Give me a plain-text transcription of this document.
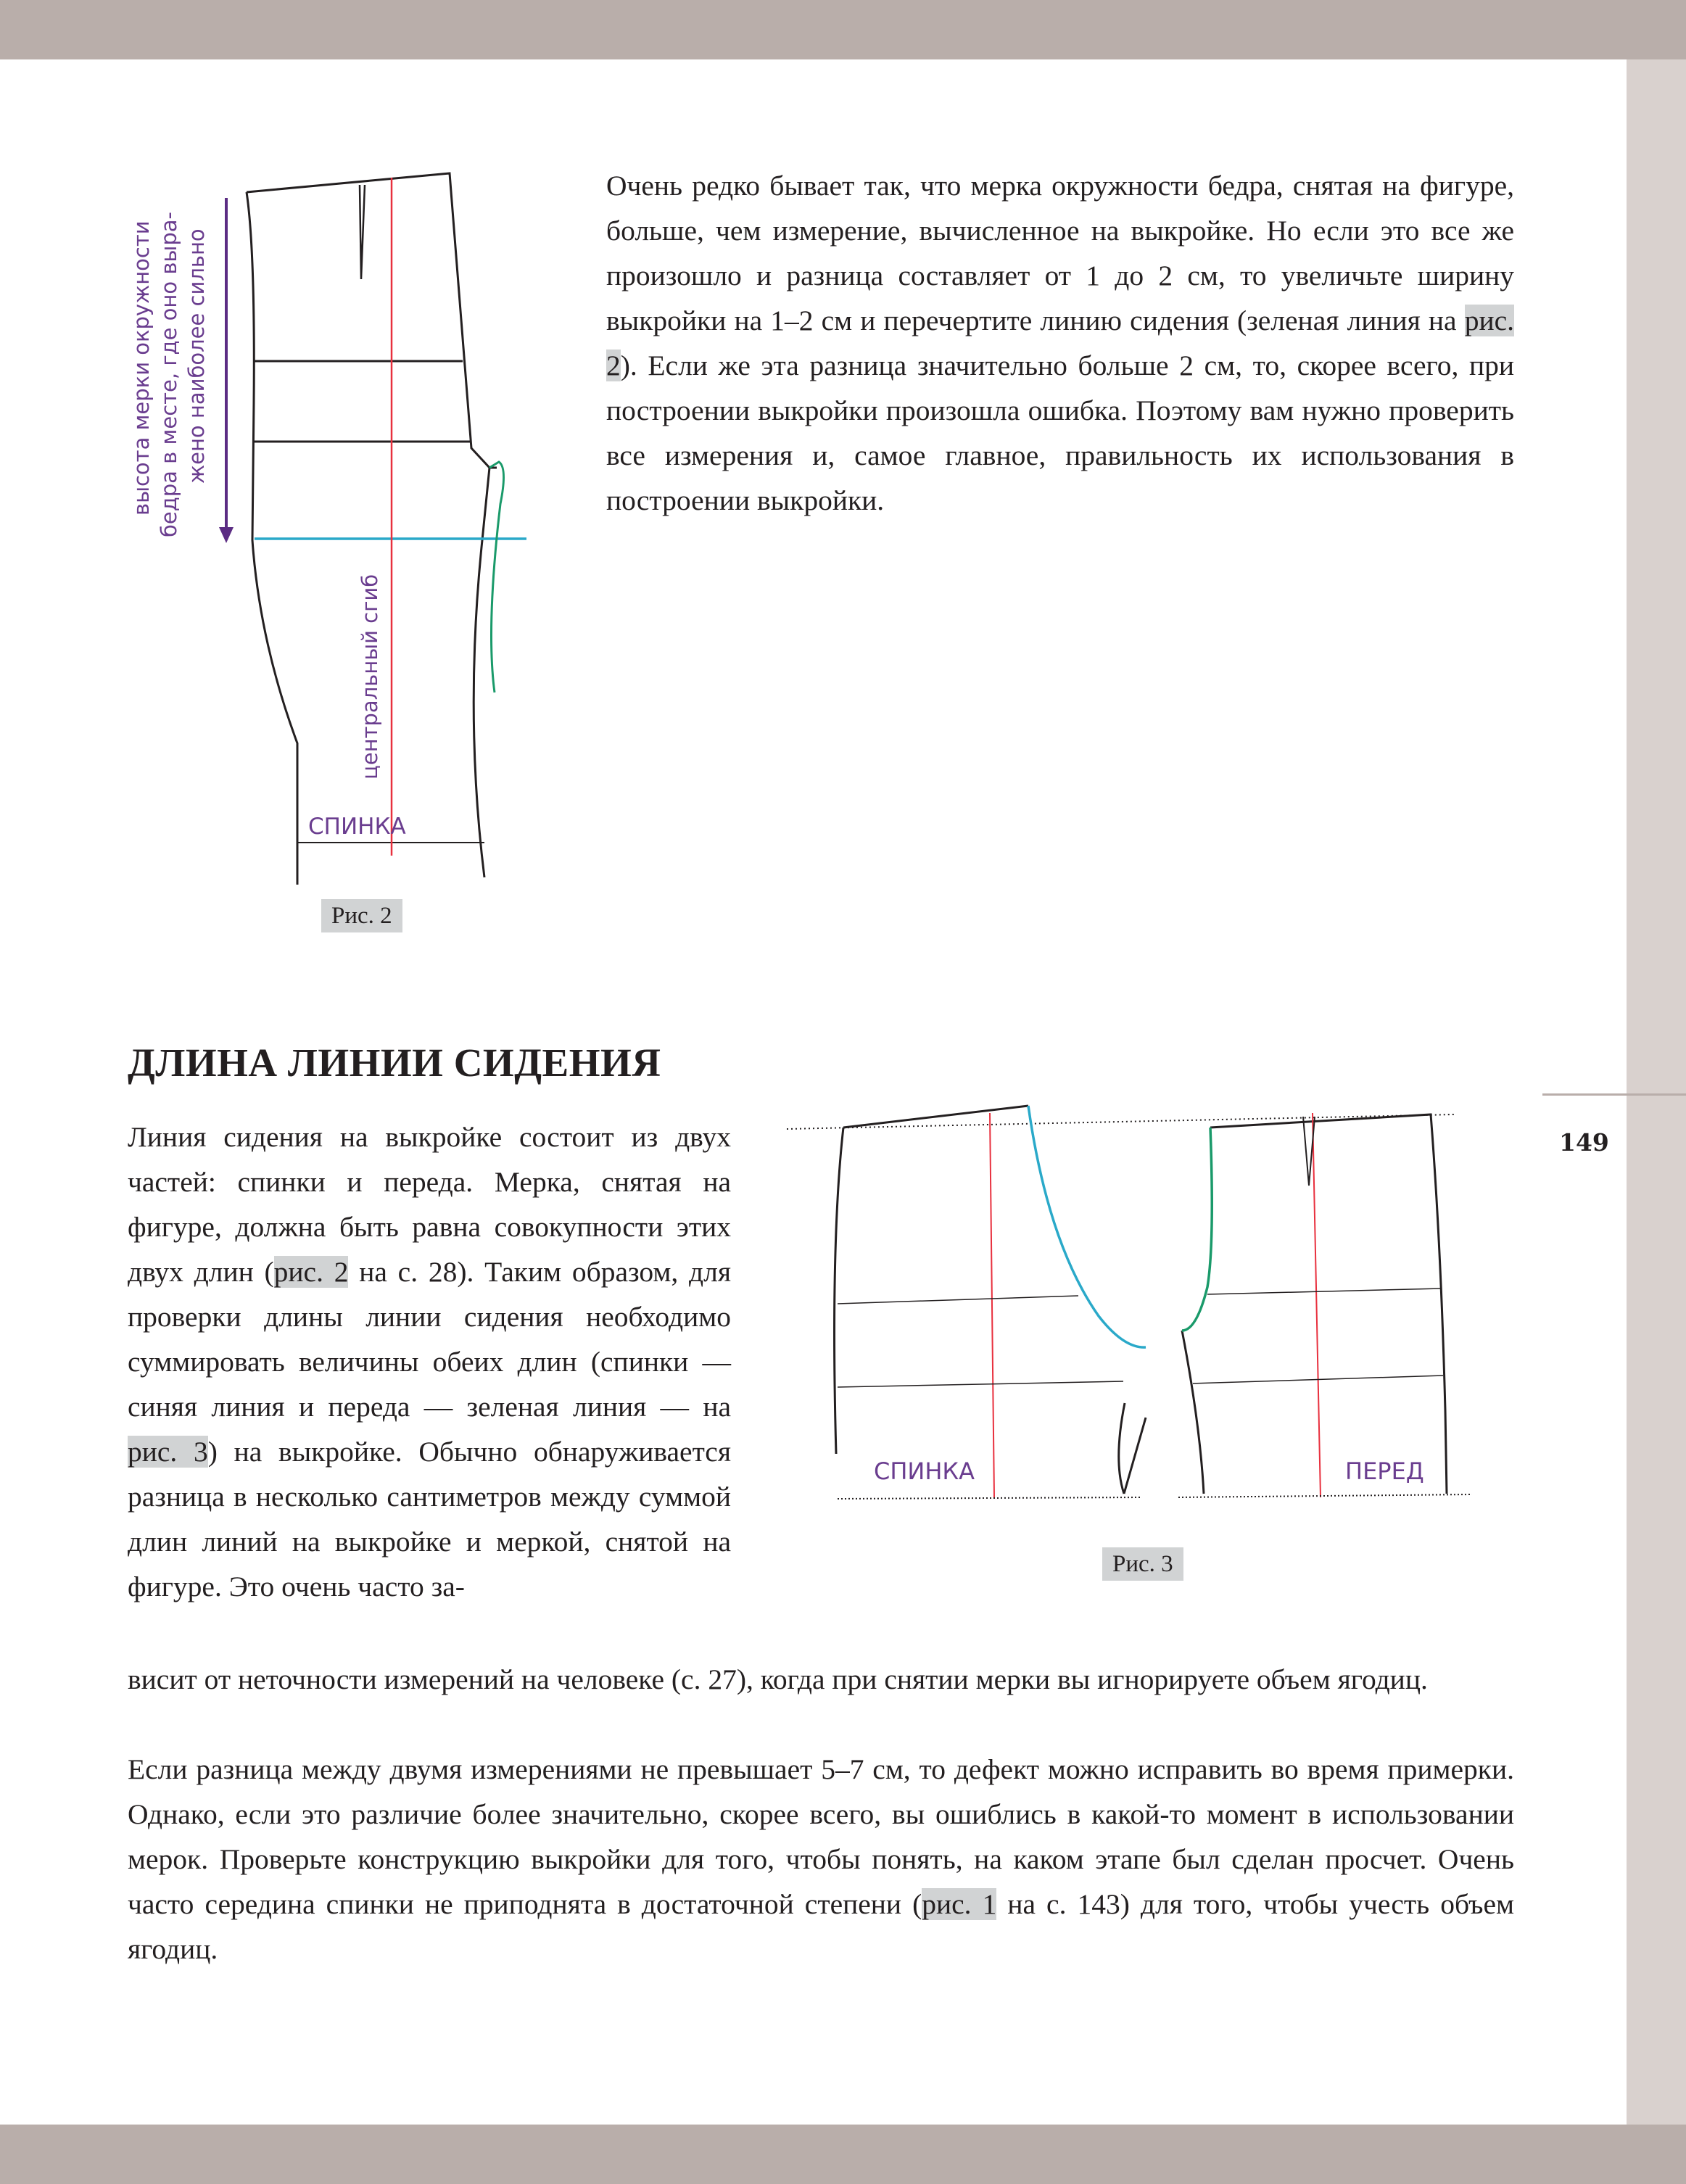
149
центральный сгиб
СПИНКА
высота мерки окружности бедра в месте, где оно выра- жено наиболее сильно
Рис. 2

Очень редко бывает так, что мерка окружности бедра, снятая на фигуре, больше, чем измерение, вычисленное на выкройке. Но если это все же произошло и разница составляет от 1 до 2 см, то увеличьте ширину выкройки на 1–2 см и перечертите линию сидения (зеленая линия на рис. 2). Если же эта разница значительно больше 2 см, то, скорее всего, при построении выкройки произошла ошибка. Поэтому вам нужно проверить все измерения и, самое главное, правильность их использования в построении выкройки.

ДЛИНА ЛИНИИ СИДЕНИЯ

Линия сидения на выкройке состоит из двух частей: спинки и переда. Мерка, снятая на фигуре, должна быть равна совокупности этих двух длин (рис. 2 на с. 28). Таким образом, для проверки длины линии сидения необходимо суммировать величины обеих длин (спинки — синяя линия и переда — зеленая линия — на рис. 3) на выкройке. Обычно обнаруживается разница в несколько сантиметров между суммой длин линий на выкройке и меркой, снятой на фигуре. Это очень часто за-

висит от неточности измерений на человеке (с. 27), когда при снятии мерки вы игнорируете объем ягодиц.

СПИНКА	ПЕРЕД
Рис. 3

Если разница между двумя измерениями не превышает 5–7 см, то дефект можно исправить во время примерки. Однако, если это различие более значительно, скорее всего, вы ошиблись в какой-то момент в использовании мерок. Проверьте конструкцию выкройки для того, чтобы понять, на каком этапе был сделан просчет. Очень часто середина спинки не приподнята в достаточной степени (рис. 1 на с. 143) для того, чтобы учесть объем ягодиц.
